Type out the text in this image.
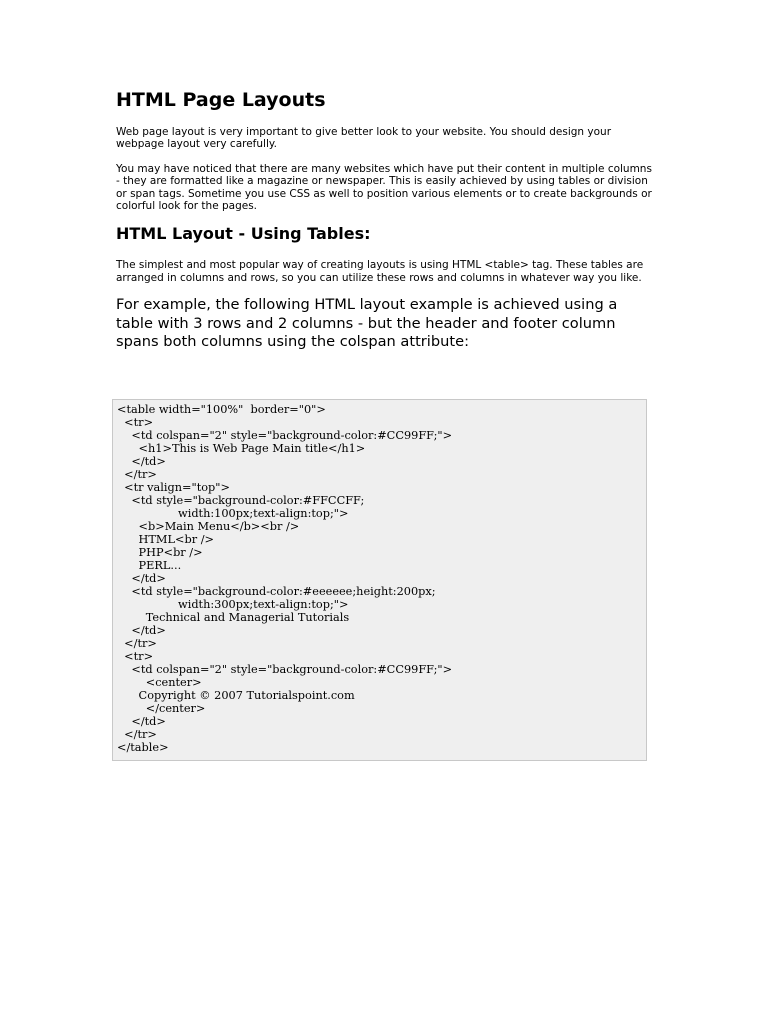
HTML Page Layouts

Web page layout is very important to give better look to your website. You should design your webpage layout very carefully.

You may have noticed that there are many websites which have put their content in multiple columns - they are formatted like a magazine or newspaper. This is easily achieved by using tables or division or span tags. Sometime you use CSS as well to position various elements or to create backgrounds or colorful look for the pages.

HTML Layout - Using Tables:

The simplest and most popular way of creating layouts is using HTML <table> tag. These tables are arranged in columns and rows, so you can utilize these rows and columns in whatever way you like.

For example, the following HTML layout example is achieved using a table with 3 rows and 2 columns - but the header and footer column spans both columns using the colspan attribute:

<table width="100%"  border="0">
<tr>
<td colspan="2" style="background-color:#CC99FF;">
<h1>This is Web Page Main title</h1>
</td>
</tr>
<tr valign="top">
<td style="background-color:#FFCCFF;
width:100px;text-align:top;">
<b>Main Menu</b><br />
HTML<br />
PHP<br />
PERL...
</td>
<td style="background-color:#eeeeee;height:200px;
width:300px;text-align:top;">
Technical and Managerial Tutorials
</td>
</tr>
<tr>
<td colspan="2" style="background-color:#CC99FF;">
<center>
Copyright © 2007 Tutorialspoint.com
</center>
</td>
</tr>
</table>
